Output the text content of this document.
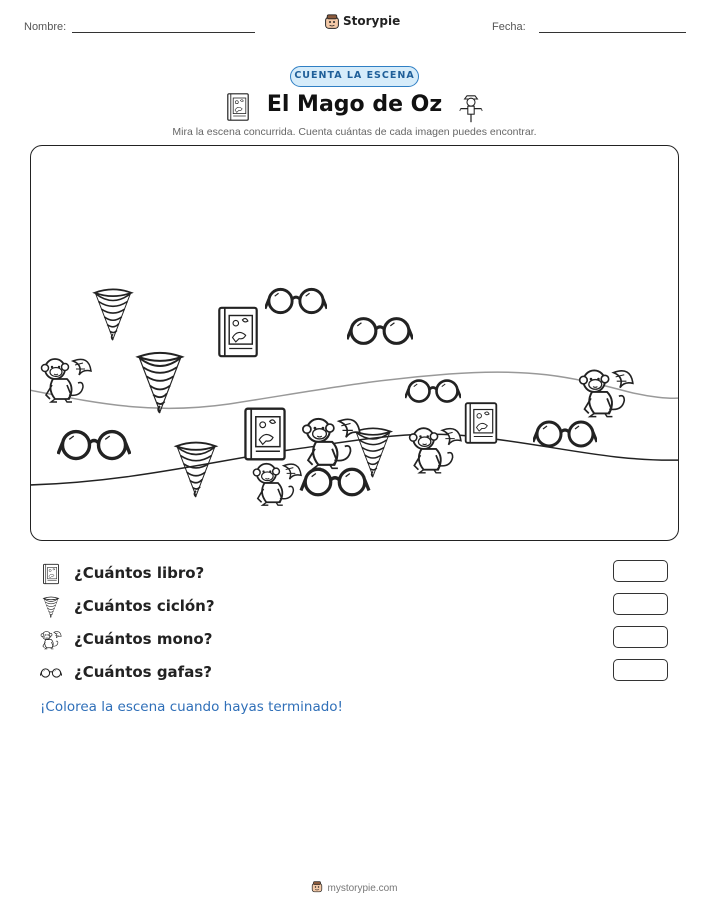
Nombre:	Storypie	Fecha:
CUENTA LA ESCENA
El Mago de Oz
Mira la escena concurrida. Cuenta cuántas de cada imagen puedes encontrar.
¿Cuántos libro?
¿Cuántos ciclón?
¿Cuántos mono?
¿Cuántos gafas?
¡Colorea la escena cuando hayas terminado!
mystorypie.com
